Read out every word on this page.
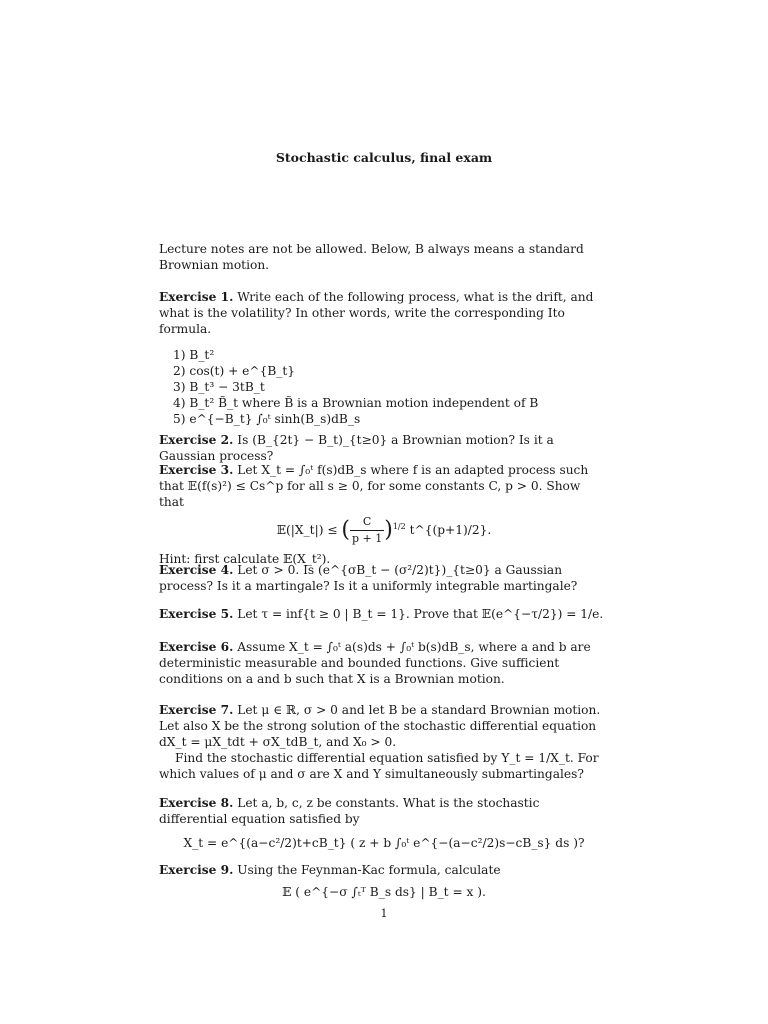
Stochastic calculus, final exam

Lecture notes are not be allowed. Below, B always means a standard Brownian motion.

Exercise 1. Write each of the following process, what is the drift, and what is the volatility? In other words, write the corresponding Ito formula.

1) B_t²
2) cos(t) + e^{B_t}
3) B_t³ − 3tB_t
4) B_t² B̃_t where B̃ is a Brownian motion independent of B
5) e^{−B_t} ∫₀ᵗ sinh(B_s)dB_s

Exercise 2. Is (B_{2t} − B_t)_{t≥0} a Brownian motion? Is it a Gaussian process?

Exercise 3. Let X_t = ∫₀ᵗ f(s)dB_s where f is an adapted process such that 𝔼(f(s)²) ≤ Cs^p for all s ≥ 0, for some constants C, p > 0. Show that

𝔼(|X_t|) ≤ ( $\frac{C}{p + 1} )^{1/2}$ t^{(p+1)/2}.

Hint: first calculate 𝔼(X_t²).

Exercise 4. Let σ > 0. Is (e^{σB_t − (σ²/2)t})_{t≥0} a Gaussian process? Is it a martingale? Is it a uniformly integrable martingale?

Exercise 5. Let τ = inf{t ≥ 0 | B_t = 1}. Prove that 𝔼(e^{−τ/2}) = 1/e.

Exercise 6. Assume X_t = ∫₀ᵗ a(s)ds + ∫₀ᵗ b(s)dB_s, where a and b are deterministic measurable and bounded functions. Give sufficient conditions on a and b such that X is a Brownian motion.

Exercise 7. Let μ ∈ ℝ, σ > 0 and let B be a standard Brownian motion. Let also X be the strong solution of the stochastic differential equation dX_t = μX_tdt + σX_tdB_t, and X₀ > 0.

Find the stochastic differential equation satisfied by Y_t = 1/X_t. For which values of μ and σ are X and Y simultaneously submartingales?

Exercise 8. Let a, b, c, z be constants. What is the stochastic differential equation satisfied by

X_t = e^{(a−c²/2)t+cB_t} ( z + b ∫₀ᵗ e^{−(a−c²/2)s−cB_s} ds )?

Exercise 9. Using the Feynman-Kac formula, calculate

𝔼 ( e^{−σ ∫ₜᵀ B_s ds} | B_t = x ).
1
